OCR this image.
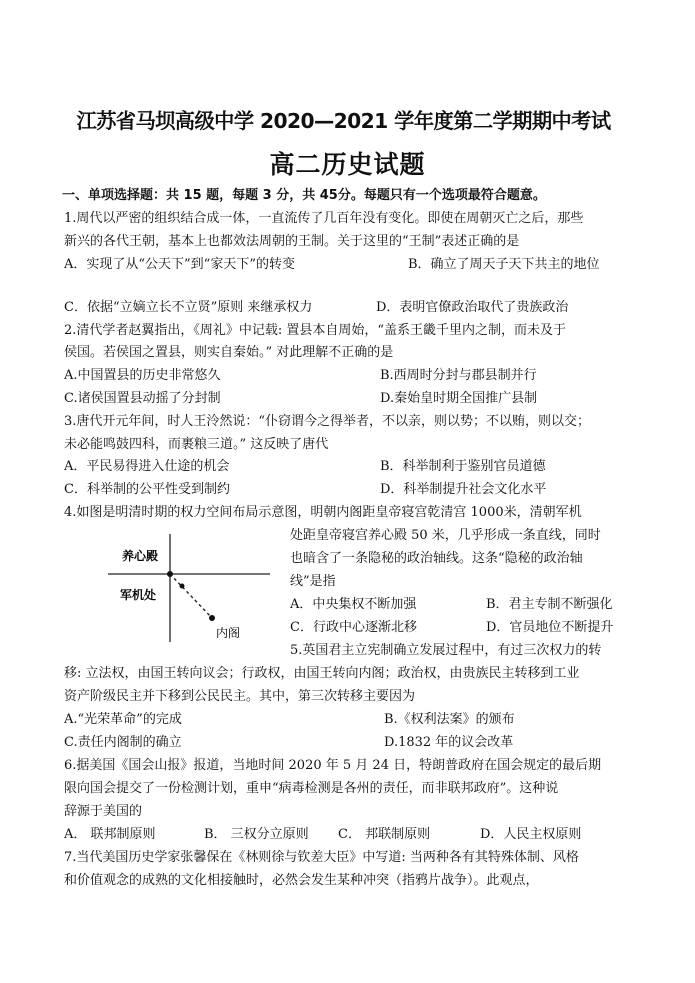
江苏省马坝高级中学 2020—2021 学年度第二学期期中考试
高二历史试题
一、单项选择题：共 15 题，每题 3 分，共 45分。每题只有一个选项最符合题意。
1.周代以严密的组织结合成一体，一直流传了几百年没有变化。即使在周朝灭亡之后，那些
新兴的各代王朝，基本上也都效法周朝的王制。关于这里的“王制”表述正确的是
A．实现了从“公天下”到“家天下”的转变	B．确立了周天子天下共主的地位
C．依据“立嫡立长不立贤”原则 来继承权力	D．表明官僚政治取代了贵族政治
2.清代学者赵翼指出，《周礼》中记载: 置县本自周始，“盖系王畿千里内之制，而未及于
侯国。若侯国之置县，则实自秦始。” 对此理解不正确的是
A.中国置县的历史非常悠久	B.西周时分封与郡县制并行
C.诸侯国置县动摇了分封制	D.秦始皇时期全国推广县制
3.唐代开元年间，时人王泠然说：“仆窃谓今之得举者，不以亲，则以势；不以贿，则以交；
未必能鸣鼓四科，而裹粮三道。” 这反映了唐代
A．平民易得进入仕途的机会	B．科举制利于鉴别官员道德
C．科举制的公平性受到制约	D．科举制提升社会文化水平
4.如图是明清时期的权力空间布局示意图，明朝内阁距皇帝寝宫乾清宫 1000米，清朝军机
处距皇帝寝宫养心殿 50 米，几乎形成一条直线，同时
也暗含了一条隐秘的政治轴线。这条“隐秘的政治轴
线”是指
A．中央集权不断加强	B．君主专制不断强化
C．行政中心逐渐北移	D．官员地位不断提升
养心殿
军机处
内阁
5.英国君主立宪制确立发展过程中，有过三次权力的转
移: 立法权，由国王转向议会；行政权，由国王转向内阁；政治权，由贵族民主转移到工业
资产阶级民主并下移到公民民主。其中，第三次转移主要因为
A.“光荣革命”的完成	B.《权利法案》的颁布
C.责任内阁制的确立	D.1832 年的议会改革
6.据美国《国会山报》报道，当地时间 2020 年 5 月 24 日，特朗普政府在国会规定的最后期
限向国会提交了一份检测计划，重申“病毒检测是各州的责任，而非联邦政府”。这种说
辞源于美国的
A． 联邦制原则	B． 三权分立原则 C． 邦联制原则	D．人民主权原则
7.当代美国历史学家张馨保在《林则徐与钦差大臣》中写道: 当两种各有其特殊体制、风格
和价值观念的成熟的文化相接触时，必然会发生某种冲突（指鸦片战争）。此观点，
